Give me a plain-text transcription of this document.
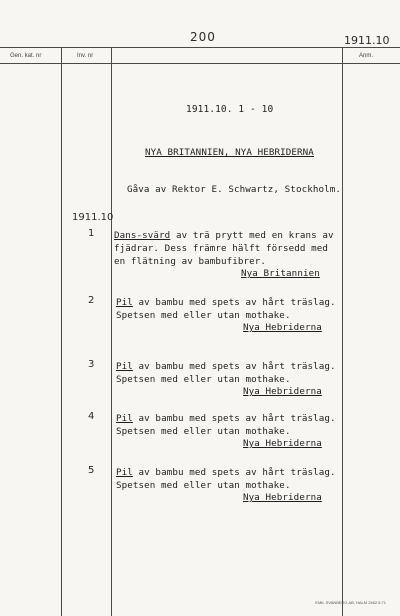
200	1911.10
Gen. kat. nr	Inv. nr	Anm.
1911.10. 1 - 10
NYA BRITANNIEN, NYA HEBRIDERNA
Gåva av Rektor E. Schwartz, Stockholm.
1911.10
1 Dans-svärd av trä prytt med en krans av
fjädrar. Dess främre hälft försedd med
en flätning av bambufibrer.
Nya Britannien
2 Pil av bambu med spets av hårt träslag.
Spetsen med eller utan mothake.
Nya Hebriderna
3 Pil av bambu med spets av hårt träslag.
Spetsen med eller utan mothake.
Nya Hebriderna
4 Pil av bambu med spets av hårt träslag.
Spetsen med eller utan mothake.
Nya Hebriderna
5 Pil av bambu med spets av hårt träslag.
Spetsen med eller utan mothake.
Nya Hebriderna
EMIL SVANBERG AB, HALM 2462.5.71
